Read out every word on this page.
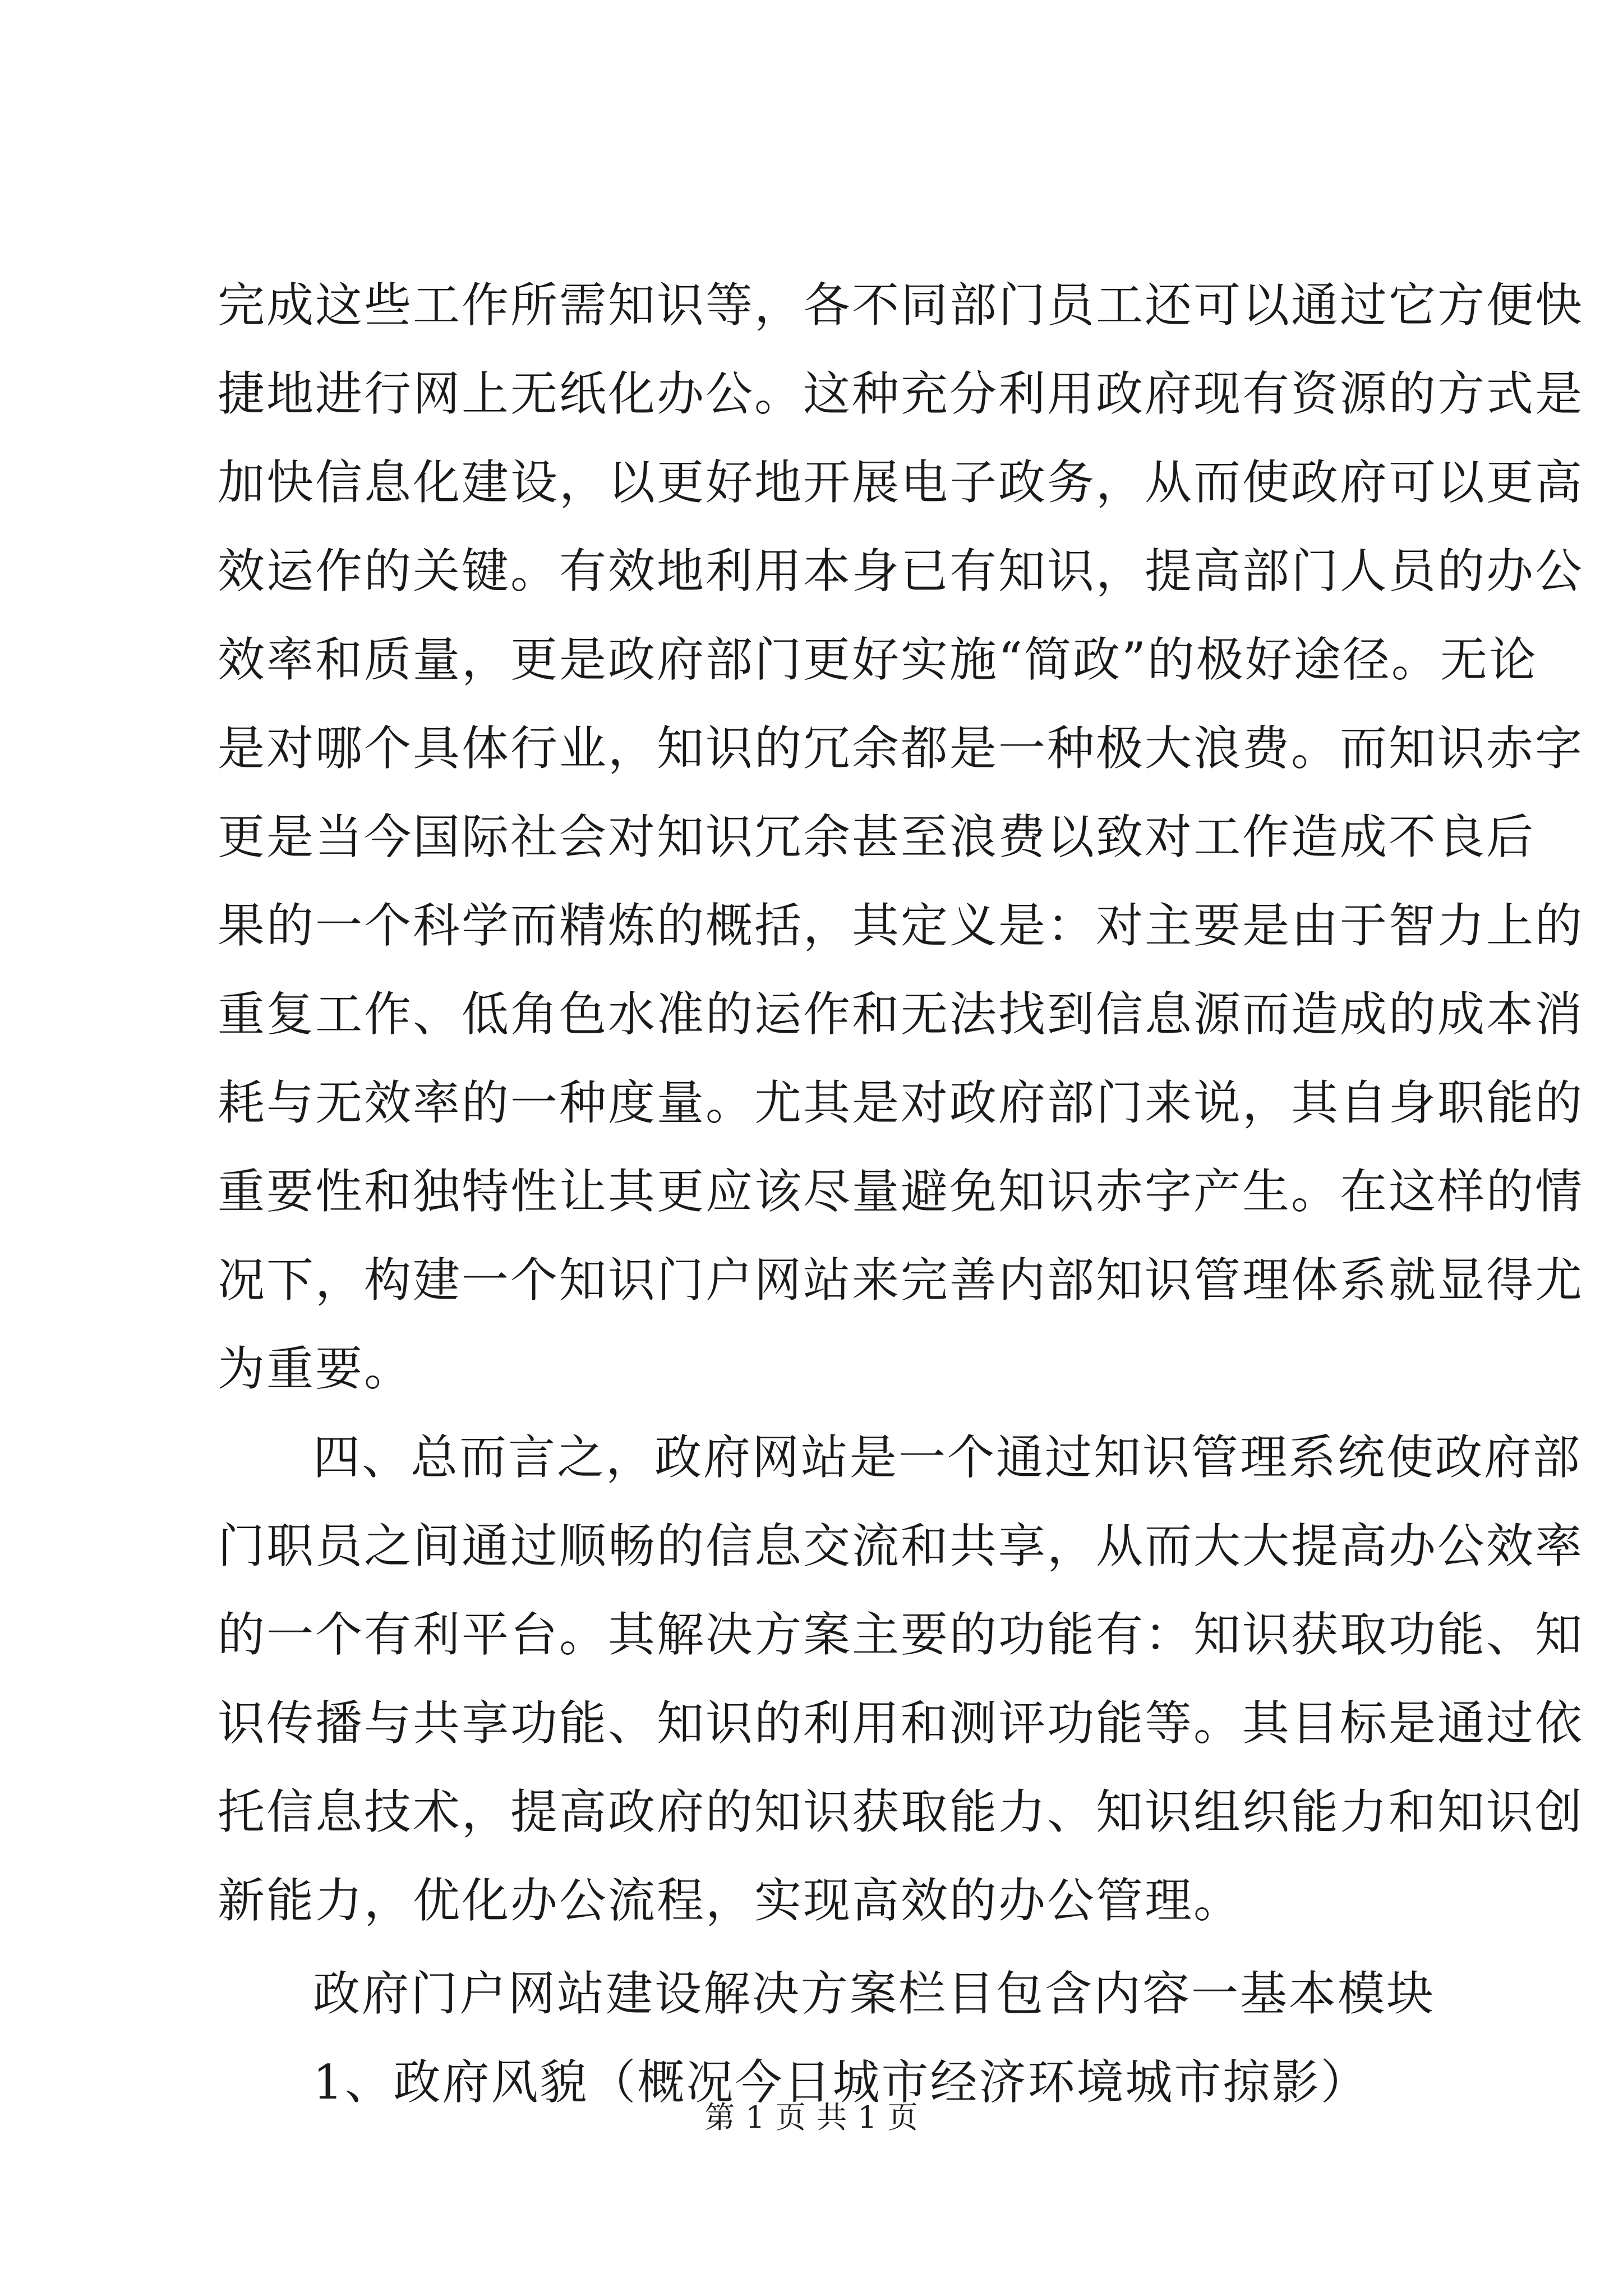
完成这些工作所需知识等，各不同部门员工还可以通过它方便快
捷地进行网上无纸化办公。这种充分利用政府现有资源的方式是
加快信息化建设，以更好地开展电子政务，从而使政府可以更高
效运作的关键。有效地利用本身已有知识，提高部门人员的办公
效率和质量，更是政府部门更好实施“简政”的极好途径。无论
是对哪个具体行业，知识的冗余都是一种极大浪费。而知识赤字
更是当今国际社会对知识冗余甚至浪费以致对工作造成不良后
果的一个科学而精炼的概括，其定义是：对主要是由于智力上的
重复工作、低角色水准的运作和无法找到信息源而造成的成本消
耗与无效率的一种度量。尤其是对政府部门来说，其自身职能的
重要性和独特性让其更应该尽量避免知识赤字产生。在这样的情
况下，构建一个知识门户网站来完善内部知识管理体系就显得尤
为重要。
四、总而言之，政府网站是一个通过知识管理系统使政府部
门职员之间通过顺畅的信息交流和共享，从而大大提高办公效率
的一个有利平台。其解决方案主要的功能有：知识获取功能、知
识传播与共享功能、知识的利用和测评功能等。其目标是通过依
托信息技术，提高政府的知识获取能力、知识组织能力和知识创
新能力，优化办公流程，实现高效的办公管理。
政府门户网站建设解决方案栏目包含内容一基本模块
1、政府风貌（概况今日城市经济环境城市掠影）
第 1 页 共 1 页
